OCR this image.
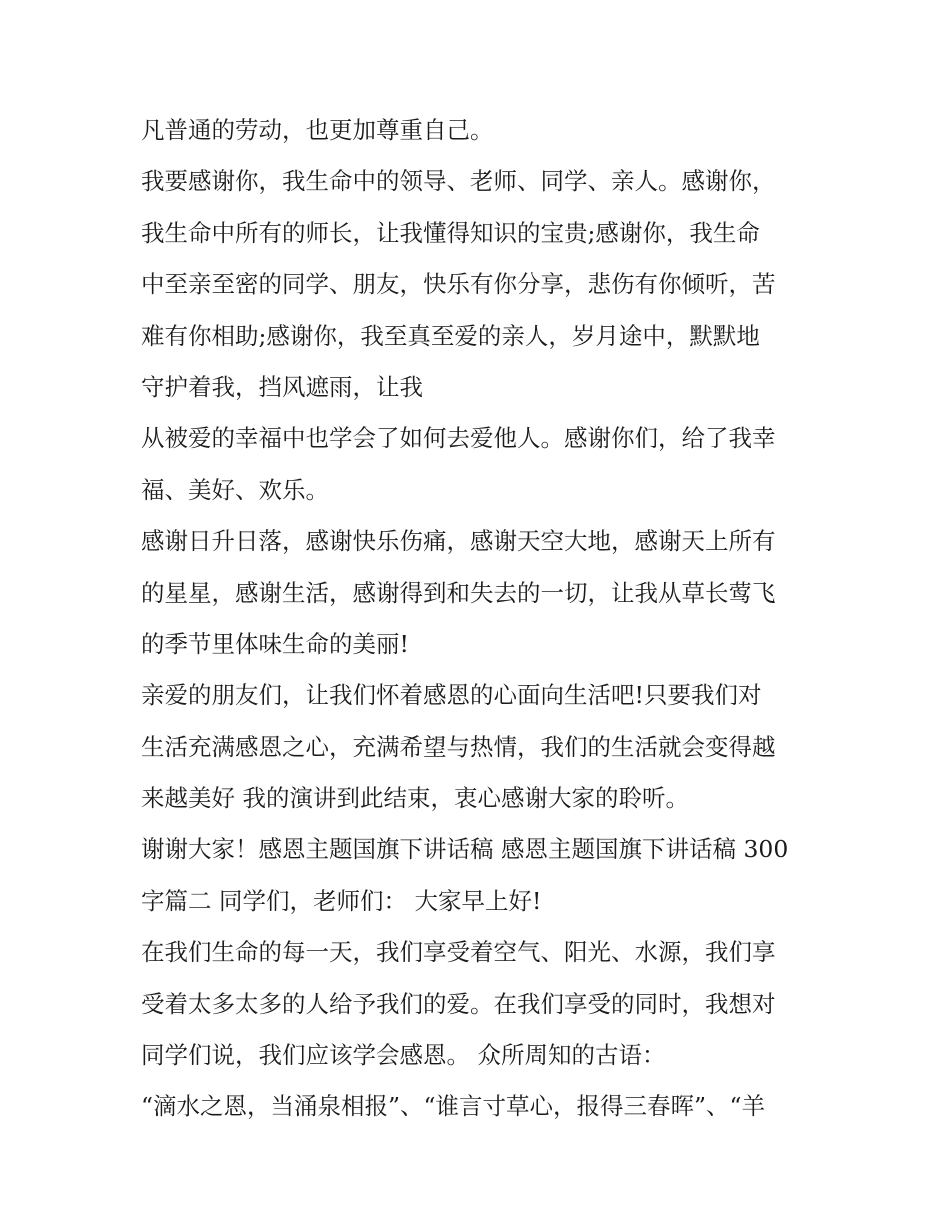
凡普通的劳动，也更加尊重自己。
我要感谢你，我生命中的领导、老师、同学、亲人。感谢你，
我生命中所有的师长，让我懂得知识的宝贵;感谢你，我生命
中至亲至密的同学、朋友，快乐有你分享，悲伤有你倾听，苦
难有你相助;感谢你，我至真至爱的亲人，岁月途中，默默地
守护着我，挡风遮雨，让我
从被爱的幸福中也学会了如何去爱他人。感谢你们，给了我幸
福、美好、欢乐。
感谢日升日落，感谢快乐伤痛，感谢天空大地，感谢天上所有
的星星，感谢生活，感谢得到和失去的一切，让我从草长莺飞
的季节里体味生命的美丽!
亲爱的朋友们，让我们怀着感恩的心面向生活吧!只要我们对
生活充满感恩之心，充满希望与热情，我们的生活就会变得越
来越美好 我的演讲到此结束，衷心感谢大家的聆听。
谢谢大家！感恩主题国旗下讲话稿 感恩主题国旗下讲话稿 300
字篇二 同学们，老师们： 大家早上好!
在我们生命的每一天，我们享受着空气、阳光、水源，我们享
受着太多太多的人给予我们的爱。在我们享受的同时，我想对
同学们说，我们应该学会感恩。 众所周知的古语：
“滴水之恩，当涌泉相报”、“谁言寸草心，报得三春晖”、“羊
